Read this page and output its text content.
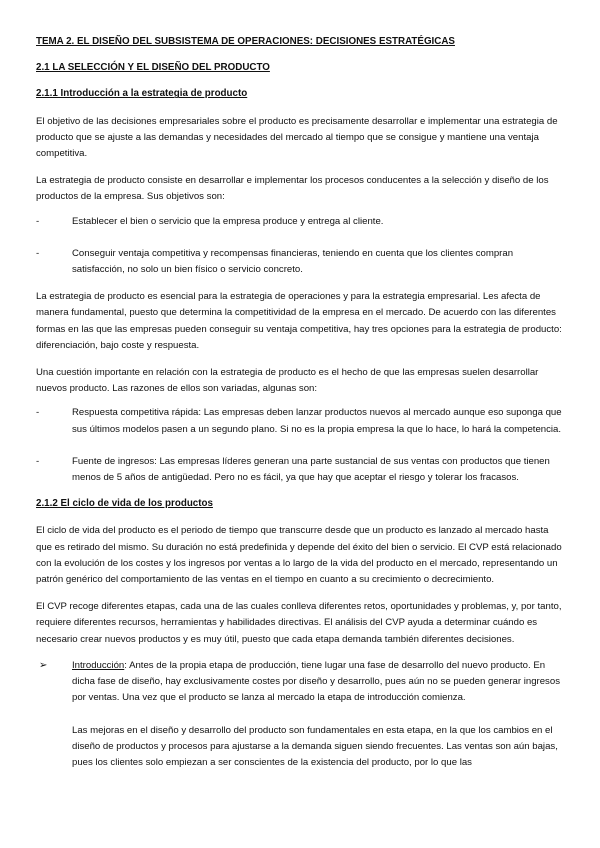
TEMA 2. EL DISEÑO DEL SUBSISTEMA DE OPERACIONES: DECISIONES ESTRATÉGICAS

2.1 LA SELECCIÓN Y EL DISEÑO DEL PRODUCTO

2.1.1 Introducción a la estrategia de producto

El objetivo de las decisiones empresariales sobre el producto es precisamente desarrollar e implementar una estrategia de producto que se ajuste a las demandas y necesidades del mercado al tiempo que se consigue y mantiene una ventaja competitiva.

La estrategia de producto consiste en desarrollar e implementar los procesos conducentes a la selección y diseño de los productos de la empresa. Sus objetivos son:

-	Establecer el bien o servicio que la empresa produce y entrega al cliente.
-	Conseguir ventaja competitiva y recompensas financieras, teniendo en cuenta que los clientes compran satisfacción, no solo un bien físico o servicio concreto.

La estrategia de producto es esencial para la estrategia de operaciones y para la estrategia empresarial. Les afecta de manera fundamental, puesto que determina la competitividad de la empresa en el mercado. De acuerdo con las diferentes formas en las que las empresas pueden conseguir su ventaja competitiva, hay tres opciones para la estrategia de producto: diferenciación, bajo coste y respuesta.

Una cuestión importante en relación con la estrategia de producto es el hecho de que las empresas suelen desarrollar nuevos producto. Las razones de ellos son variadas, algunas son:

-	Respuesta competitiva rápida: Las empresas deben lanzar productos nuevos al mercado aunque eso suponga que sus últimos modelos pasen a un segundo plano. Si no es la propia empresa la que lo hace, lo hará la competencia.
-	Fuente de ingresos: Las empresas líderes generan una parte sustancial de sus ventas con productos que tienen menos de 5 años de antigüedad. Pero no es fácil, ya que hay que aceptar el riesgo y tolerar los fracasos.

2.1.2 El ciclo de vida de los productos

El ciclo de vida del producto es el periodo de tiempo que transcurre desde que un producto es lanzado al mercado hasta que es retirado del mismo. Su duración no está predefinida y depende del éxito del bien o servicio. El CVP está relacionado con la evolución de los costes y los ingresos por ventas a lo largo de la vida del producto en el mercado, representando un patrón genérico del comportamiento de las ventas en el tiempo en cuanto a su crecimiento o decrecimiento.

El CVP recoge diferentes etapas, cada una de las cuales conlleva diferentes retos, oportunidades y problemas, y, por tanto, requiere diferentes recursos, herramientas y habilidades directivas. El análisis del CVP ayuda a determinar cuándo es necesario crear nuevos productos y es muy útil, puesto que cada etapa demanda también diferentes decisiones.

➢	Introducción: Antes de la propia etapa de producción, tiene lugar una fase de desarrollo del nuevo producto. En dicha fase de diseño, hay exclusivamente costes por diseño y desarrollo, pues aún no se pueden generar ingresos por ventas. Una vez que el producto se lanza al mercado la etapa de introducción comienza.

Las mejoras en el diseño y desarrollo del producto son fundamentales en esta etapa, en la que los cambios en el diseño de productos y procesos para ajustarse a la demanda siguen siendo frecuentes. Las ventas son aún bajas, pues los clientes solo empiezan a ser conscientes de la existencia del producto, por lo que las
